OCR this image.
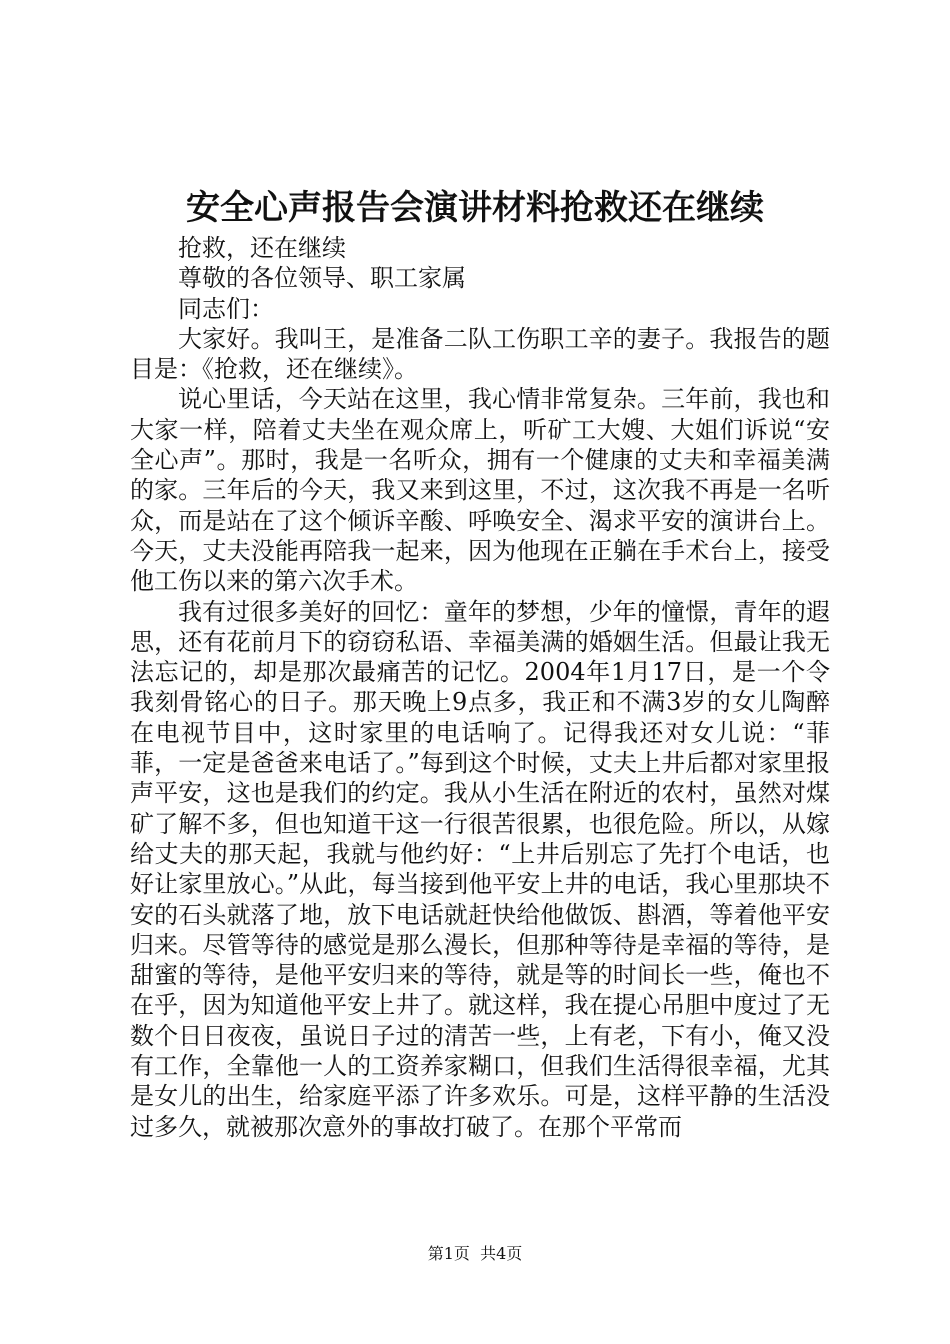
安全心声报告会演讲材料抢救还在继续

抢救，还在继续

尊敬的各位领导、职工家属

同志们：

大家好。我叫王，是准备二队工伤职工辛的妻子。我报告的题目是：《抢救，还在继续》。

说心里话，今天站在这里，我心情非常复杂。三年前，我也和大家一样，陪着丈夫坐在观众席上，听矿工大嫂、大姐们诉说“安全心声”。那时，我是一名听众，拥有一个健康的丈夫和幸福美满的家。三年后的今天，我又来到这里，不过，这次我不再是一名听众，而是站在了这个倾诉辛酸、呼唤安全、渴求平安的演讲台上。今天，丈夫没能再陪我一起来，因为他现在正躺在手术台上，接受他工伤以来的第六次手术。

我有过很多美好的回忆：童年的梦想，少年的憧憬，青年的遐思，还有花前月下的窃窃私语、幸福美满的婚姻生活。但最让我无法忘记的，却是那次最痛苦的记忆。2004年1月17日，是一个令我刻骨铭心的日子。那天晚上9点多，我正和不满3岁的女儿陶醉在电视节目中，这时家里的电话响了。记得我还对女儿说：“菲菲，一定是爸爸来电话了。”每到这个时候，丈夫上井后都对家里报声平安，这也是我们的约定。我从小生活在附近的农村，虽然对煤矿了解不多，但也知道干这一行很苦很累，也很危险。所以，从嫁给丈夫的那天起，我就与他约好：“上井后别忘了先打个电话，也好让家里放心。”从此，每当接到他平安上井的电话，我心里那块不安的石头就落了地，放下电话就赶快给他做饭、斟酒，等着他平安归来。尽管等待的感觉是那么漫长，但那种等待是幸福的等待，是甜蜜的等待，是他平安归来的等待，就是等的时间长一些，俺也不在乎，因为知道他平安上井了。就这样，我在提心吊胆中度过了无数个日日夜夜，虽说日子过的清苦一些，上有老，下有小，俺又没有工作，全靠他一人的工资养家糊口，但我们生活得很幸福，尤其是女儿的出生，给家庭平添了许多欢乐。可是，这样平静的生活没过多久，就被那次意外的事故打破了。在那个平常而

第1页 共4页
